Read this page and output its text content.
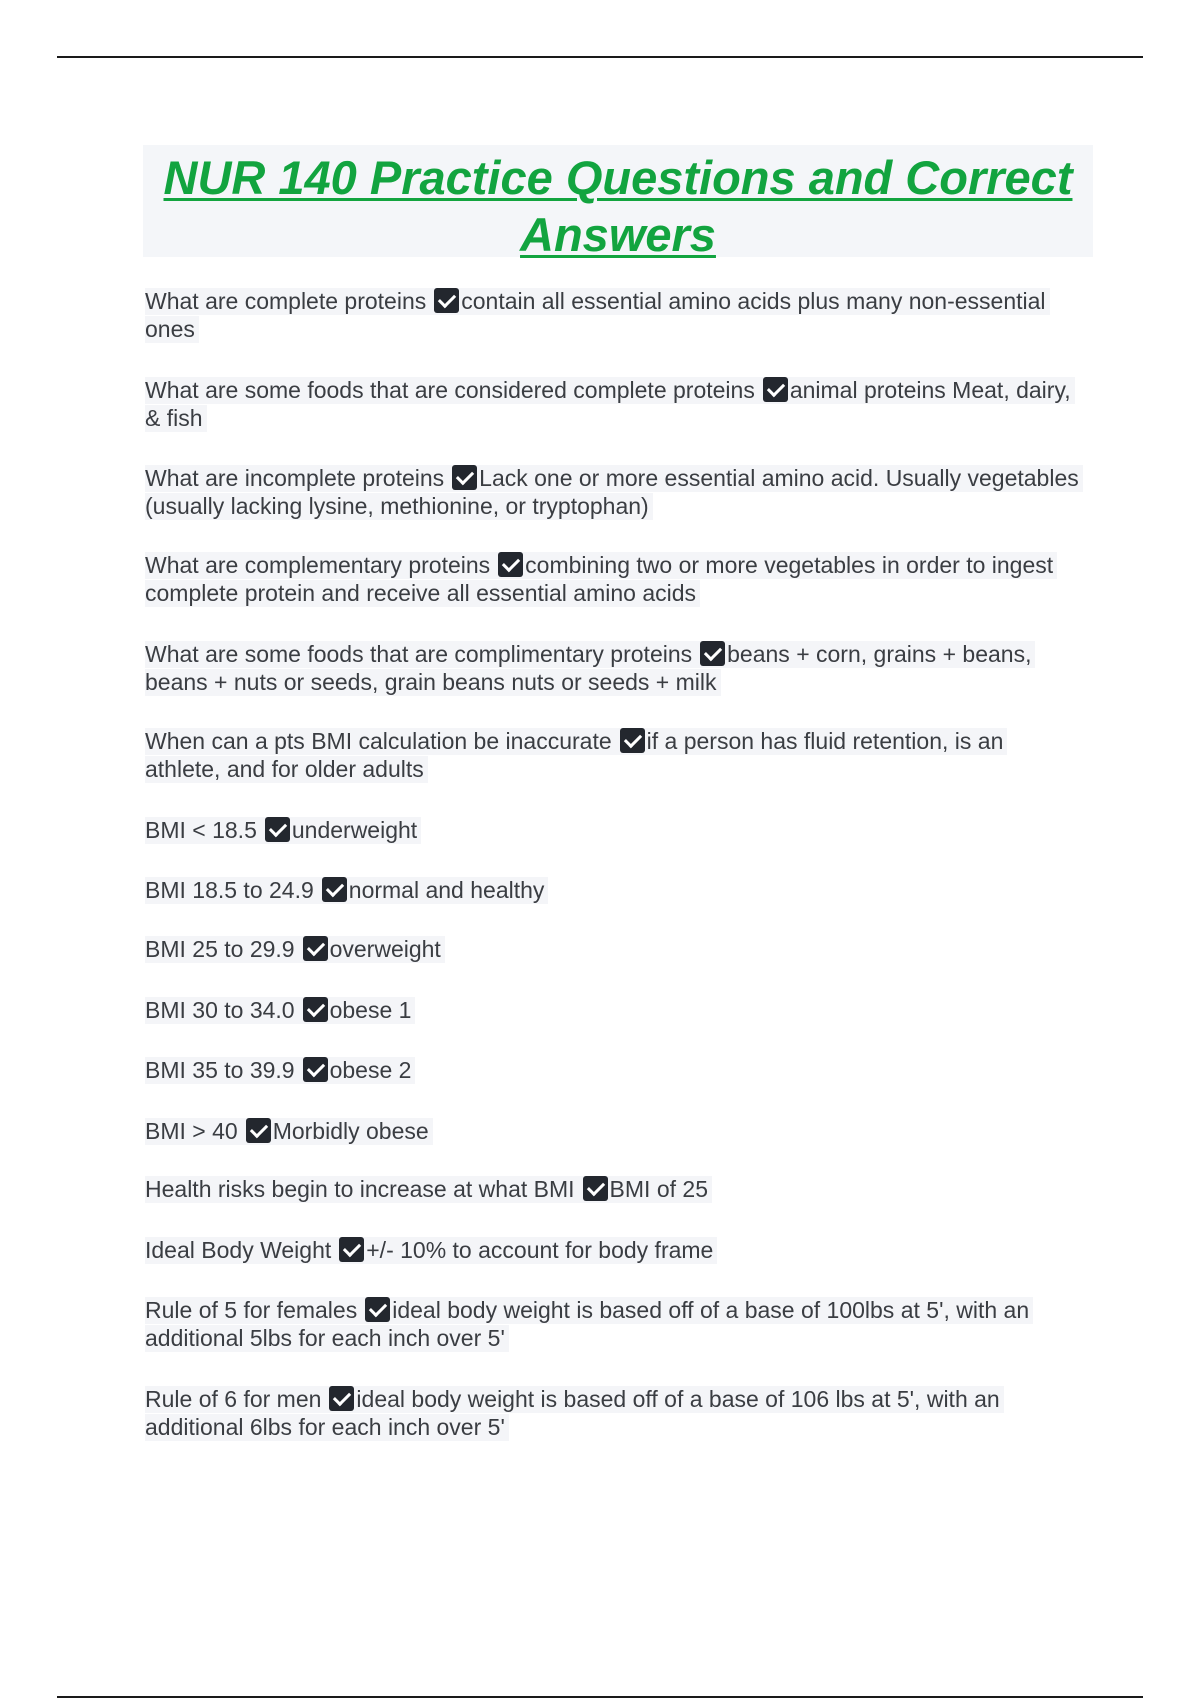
NUR 140 Practice Questions and Correct Answers
What are complete proteins contain all essential amino acids plus many non-essential ones
What are some foods that are considered complete proteins animal proteins Meat, dairy, & fish
What are incomplete proteins Lack one or more essential amino acid. Usually vegetables (usually lacking lysine, methionine, or tryptophan)
What are complementary proteins combining two or more vegetables in order to ingest complete protein and receive all essential amino acids
What are some foods that are complimentary proteins beans + corn, grains + beans, beans + nuts or seeds, grain beans nuts or seeds + milk
When can a pts BMI calculation be inaccurate if a person has fluid retention, is an athlete, and for older adults
BMI < 18.5 underweight
BMI 18.5 to 24.9 normal and healthy
BMI 25 to 29.9 overweight
BMI 30 to 34.0 obese 1
BMI 35 to 39.9 obese 2
BMI > 40 Morbidly obese
Health risks begin to increase at what BMI BMI of 25
Ideal Body Weight +/- 10% to account for body frame
Rule of 5 for females ideal body weight is based off of a base of 100lbs at 5', with an additional 5lbs for each inch over 5'
Rule of 6 for men ideal body weight is based off of a base of 106 lbs at 5', with an additional 6lbs for each inch over 5'
